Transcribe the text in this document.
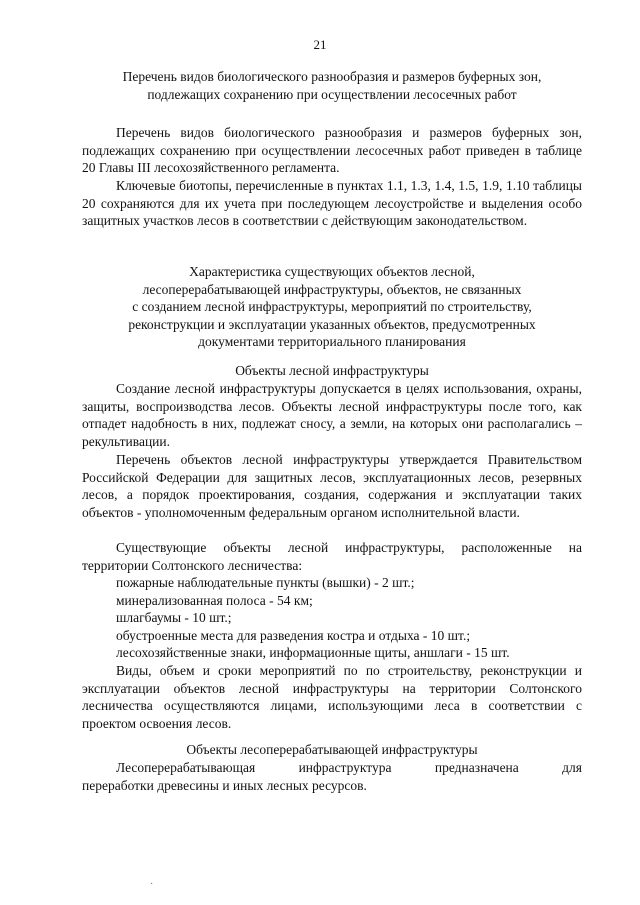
21
Перечень видов биологического разнообразия и размеров буферных зон,
подлежащих сохранению при осуществлении лесосечных работ
Перечень видов биологического разнообразия и размеров буферных зон, подлежащих сохранению при осуществлении лесосечных работ приведен в таблице 20 Главы III лесохозяйственного регламента.
Ключевые биотопы, перечисленные в пунктах 1.1, 1.3, 1.4, 1.5, 1.9, 1.10 таблицы 20 сохраняются для их учета при последующем лесоустройстве и выделения особо защитных участков лесов в соответствии с действующим законодательством.
Характеристика существующих объектов лесной,
лесоперерабатывающей инфраструктуры, объектов, не связанных
с созданием лесной инфраструктуры, мероприятий по строительству,
реконструкции и эксплуатации указанных объектов, предусмотренных
документами территориального планирования
Объекты лесной инфраструктуры
Создание лесной инфраструктуры допускается в целях использования, охраны, защиты, воспроизводства лесов. Объекты лесной инфраструктуры после того, как отпадет надобность в них, подлежат сносу, а земли, на которых они располагались – рекультивации.
Перечень объектов лесной инфраструктуры утверждается Правительством Российской Федерации для защитных лесов, эксплуатационных лесов, резервных лесов, а порядок проектирования, создания, содержания и эксплуатации таких объектов - уполномоченным федеральным органом исполнительной власти.
Существующие объекты лесной инфраструктуры, расположенные на территории Солтонского лесничества:
пожарные наблюдательные пункты (вышки) - 2 шт.;
минерализованная полоса - 54 км;
шлагбаумы - 10 шт.;
обустроенные места для разведения костра и отдыха - 10 шт.;
лесохозяйственные знаки, информационные щиты, аншлаги - 15 шт.
Виды, объем и сроки мероприятий по по строительству, реконструкции и эксплуатации объектов лесной инфраструктуры на территории Солтонского лесничества осуществляются лицами, использующими леса в соответствии с проектом освоения лесов.
Объекты лесоперерабатывающей инфраструктуры
Лесоперерабатывающая	инфраструктура	предназначена	для
переработки древесины и иных лесных ресурсов.
·
